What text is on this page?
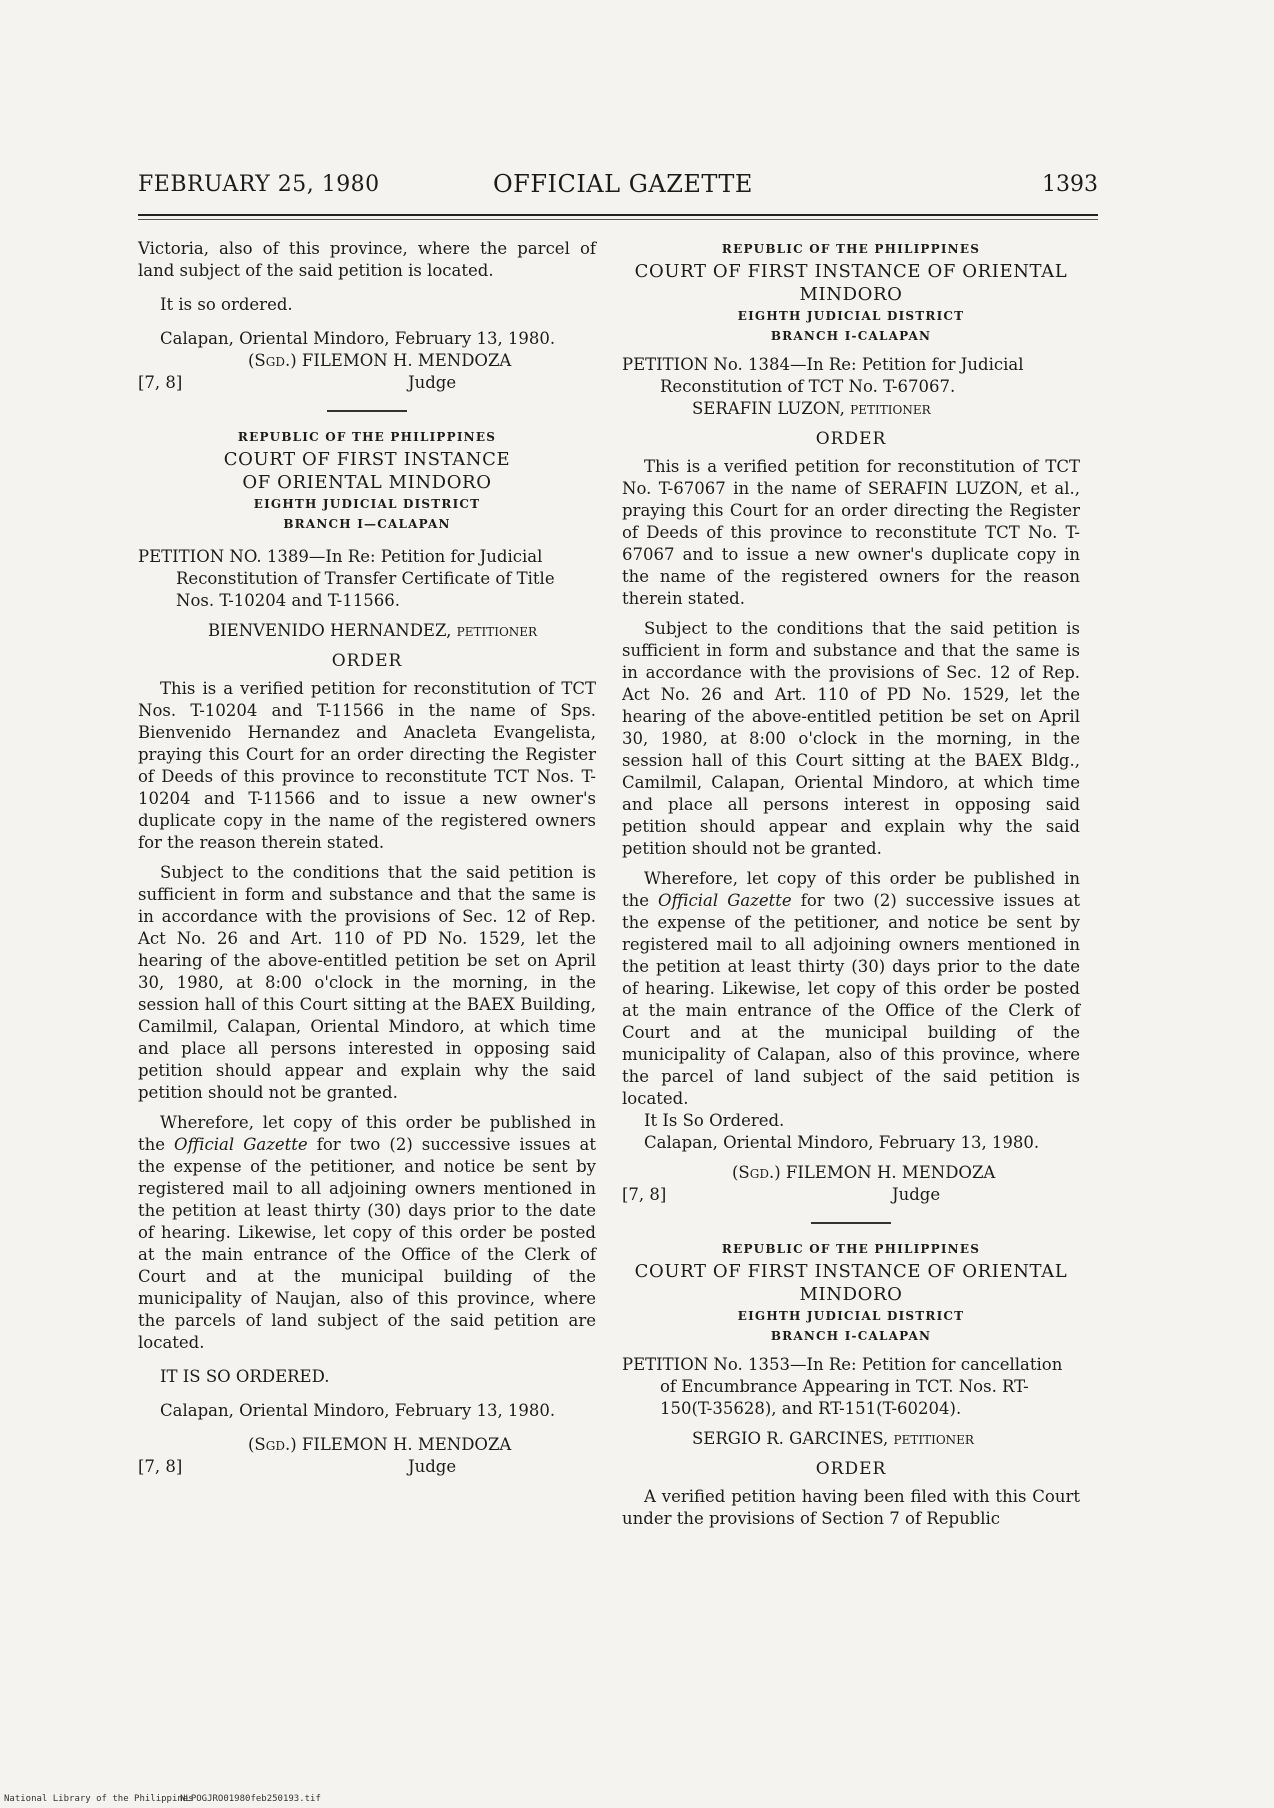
FEBRUARY 25, 1980	OFFICIAL GAZETTE	1393

Victoria, also of this province, where the parcel of land subject of the said petition is located.

It is so ordered.

Calapan, Oriental Mindoro, February 13, 1980.

(Sgd.) FILEMON H. MENDOZA
[7, 8]	Judge
REPUBLIC OF THE PHILIPPINES
COURT OF FIRST INSTANCE
OF ORIENTAL MINDORO
EIGHTH JUDICIAL DISTRICT
BRANCH I—CALAPAN

PETITION NO. 1389—In Re: Petition for Judicial Reconstitution of Transfer Certificate of Title Nos. T-10204 and T-11566.

BIENVENIDO HERNANDEZ, petitioner

ORDER

This is a verified petition for reconstitution of TCT Nos. T-10204 and T-11566 in the name of Sps. Bienvenido Hernandez and Anacleta Evangelista, praying this Court for an order directing the Register of Deeds of this province to reconstitute TCT Nos. T-10204 and T-11566 and to issue a new owner's duplicate copy in the name of the registered owners for the reason therein stated.

Subject to the conditions that the said petition is sufficient in form and substance and that the same is in accordance with the provisions of Sec. 12 of Rep. Act No. 26 and Art. 110 of PD No. 1529, let the hearing of the above-entitled petition be set on April 30, 1980, at 8:00 o'clock in the morning, in the session hall of this Court sitting at the BAEX Building, Camilmil, Calapan, Oriental Mindoro, at which time and place all persons interested in opposing said petition should appear and explain why the said petition should not be granted.

Wherefore, let copy of this order be published in the Official Gazette for two (2) successive issues at the expense of the petitioner, and notice be sent by registered mail to all adjoining owners mentioned in the petition at least thirty (30) days prior to the date of hearing. Likewise, let copy of this order be posted at the main entrance of the Office of the Clerk of Court and at the municipal building of the municipality of Naujan, also of this province, where the parcels of land subject of the said petition are located.

IT IS SO ORDERED.

Calapan, Oriental Mindoro, February 13, 1980.

(Sgd.) FILEMON H. MENDOZA
[7, 8]	Judge
REPUBLIC OF THE PHILIPPINES
COURT OF FIRST INSTANCE OF ORIENTAL
MINDORO
EIGHTH JUDICIAL DISTRICT
BRANCH I-CALAPAN

PETITION No. 1384—In Re: Petition for Judicial Reconstitution of TCT No. T-67067.

SERAFIN LUZON, petitioner

ORDER

This is a verified petition for reconstitution of TCT No. T-67067 in the name of SERAFIN LUZON, et al., praying this Court for an order directing the Register of Deeds of this province to reconstitute TCT No. T-67067 and to issue a new owner's duplicate copy in the name of the registered owners for the reason therein stated.

Subject to the conditions that the said petition is sufficient in form and substance and that the same is in accordance with the provisions of Sec. 12 of Rep. Act No. 26 and Art. 110 of PD No. 1529, let the hearing of the above-entitled petition be set on April 30, 1980, at 8:00 o'clock in the morning, in the session hall of this Court sitting at the BAEX Bldg., Camilmil, Calapan, Oriental Mindoro, at which time and place all persons interest in opposing said petition should appear and explain why the said petition should not be granted.

Wherefore, let copy of this order be published in the Official Gazette for two (2) successive issues at the expense of the petitioner, and notice be sent by registered mail to all adjoining owners mentioned in the petition at least thirty (30) days prior to the date of hearing. Likewise, let copy of this order be posted at the main entrance of the Office of the Clerk of Court and at the municipal building of the municipality of Calapan, also of this province, where the parcel of land subject of the said petition is located.

It Is So Ordered.

Calapan, Oriental Mindoro, February 13, 1980.

(Sgd.) FILEMON H. MENDOZA
[7, 8]	Judge
REPUBLIC OF THE PHILIPPINES
COURT OF FIRST INSTANCE OF ORIENTAL
MINDORO
EIGHTH JUDICIAL DISTRICT
BRANCH I-CALAPAN

PETITION No. 1353—In Re: Petition for cancellation of Encumbrance Appearing in TCT. Nos. RT-150(T-35628), and RT-151(T-60204).

SERGIO R. GARCINES, petitioner

ORDER

A verified petition having been filed with this Court under the provisions of Section 7 of Republic

National Library of the Philippines
NLPOGJRO01980feb250193.tif
